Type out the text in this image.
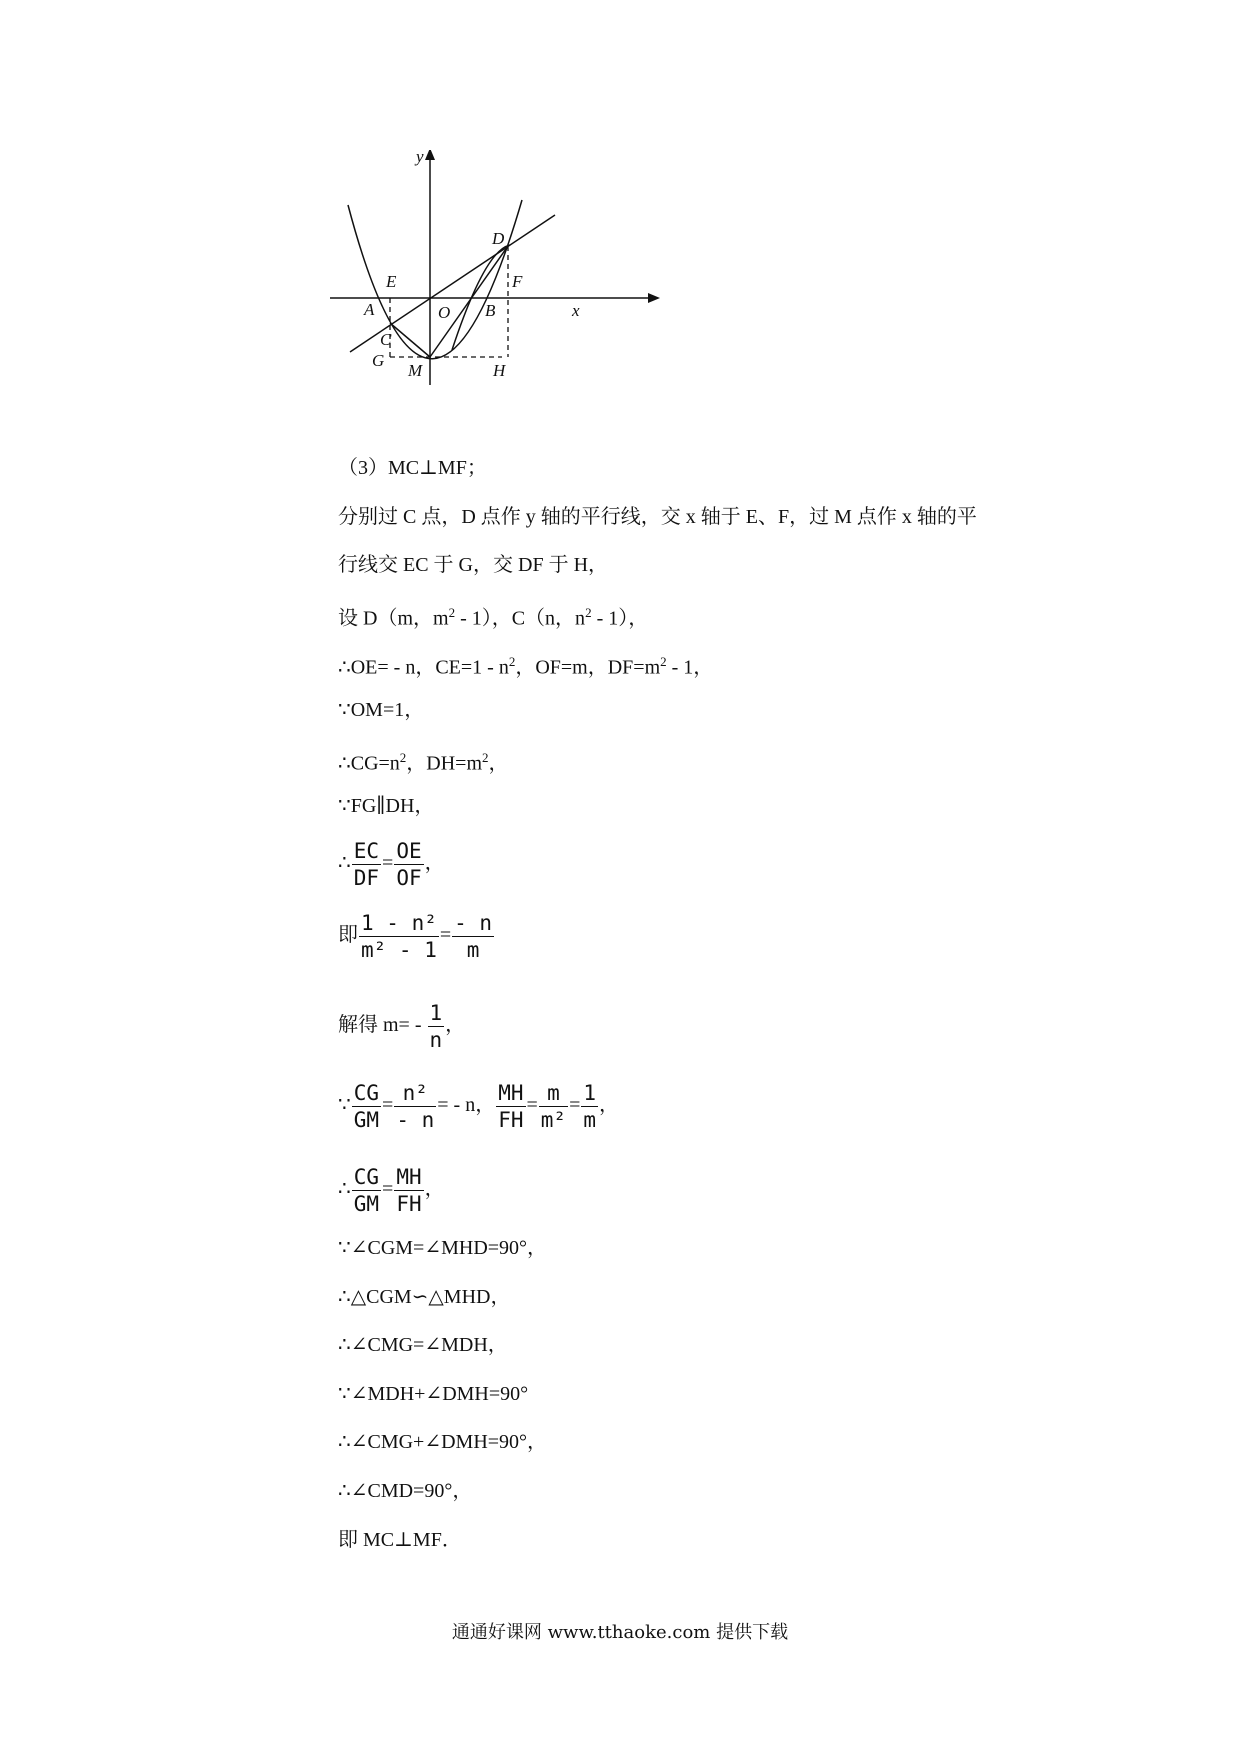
y
x
D
E	F
A	O B
C
G
M	H
（3）MC⊥MF；
分别过 C 点，D 点作 y 轴的平行线，交 x 轴于 E、F，过 M 点作 x 轴的平
行线交 EC 于 G，交 DF 于 H，
设 D（m，$m^2 - 1$），C（n，$n^2 - 1$），
∴OE= - n，$CE=1 - n^2$，OF=m，$DF=m^2 - 1$，
∵OM=1，
$\therefore CG=n^2$，$DH=m^2$，
∵FG∥DH，
∴ $\frac{EC}{DF} = \frac{OE}{OF}$ ，
即 $\frac{\text{1 - n²}}{\text{m² - 1}} = \frac{- n}{m}$
解得 $m= - \frac{1}{n}$ ，
∵ $\frac{CG}{GM} = \frac{\text{n²}}{- n}$ = - n， $\frac{MH}{FH} = \frac{m}{\text{m²}} = \frac{1}{m}$ ，
∴ $\frac{CG}{GM} = \frac{MH}{FH}$ ，
∵∠CGM=∠MHD=90°，
∴△CGM∽△MHD，
∴∠CMG=∠MDH，
∵∠MDH+∠DMH=90°
∴∠CMG+∠DMH=90°，
∴∠CMD=90°，
即 MC⊥MF．
通通好课网 www.tthaoke.com 提供下载
